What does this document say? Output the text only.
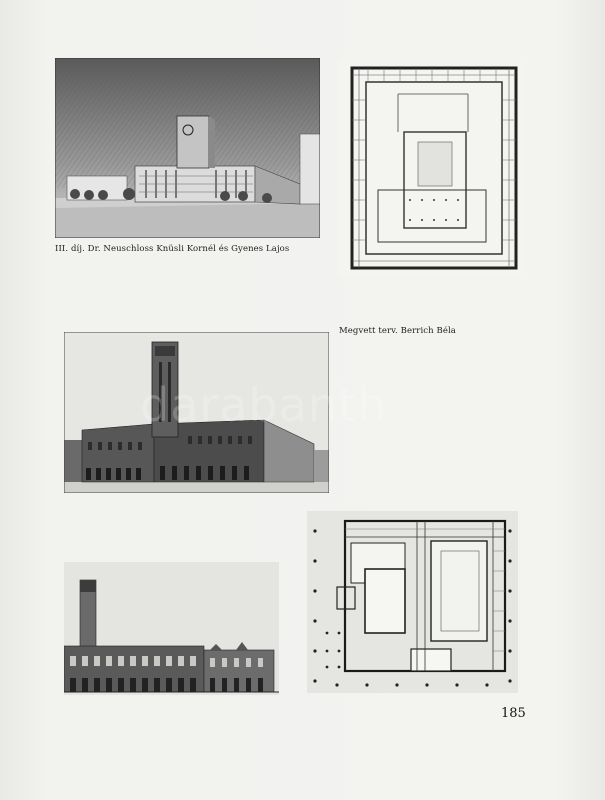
III. díj. Dr. Neuschloss Knüsli Kornél és Gyenes Lajos
Megvett terv. Berrich Béla
darabanth
185
